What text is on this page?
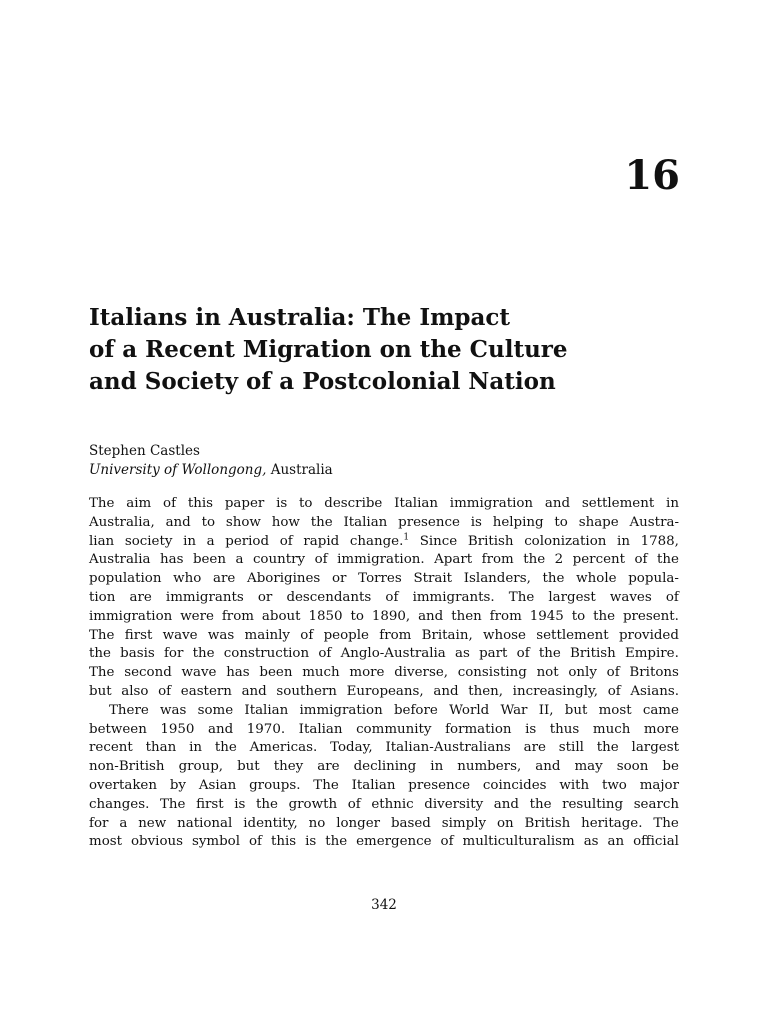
16
Italians in Australia: The Impact
of a Recent Migration on the Culture
and Society of a Postcolonial Nation
Stephen Castles
University of Wollongong, Australia
The aim of this paper is to describe Italian immigration and settlement in
Australia, and to show how the Italian presence is helping to shape Austra-
lian society in a period of rapid change.$^1$ Since British colonization in 1788,
Australia has been a country of immigration. Apart from the 2 percent of the
population who are Aborigines or Torres Strait Islanders, the whole popula-
tion are immigrants or descendants of immigrants. The largest waves of
immigration were from about 1850 to 1890, and then from 1945 to the present.
The first wave was mainly of people from Britain, whose settlement provided
the basis for the construction of Anglo-Australia as part of the British Empire.
The second wave has been much more diverse, consisting not only of Britons
but also of eastern and southern Europeans, and then, increasingly, of Asians.
There was some Italian immigration before World War II, but most came
between 1950 and 1970. Italian community formation is thus much more
recent than in the Americas. Today, Italian-Australians are still the largest
non-British group, but they are declining in numbers, and may soon be
overtaken by Asian groups. The Italian presence coincides with two major
changes. The first is the growth of ethnic diversity and the resulting search
for a new national identity, no longer based simply on British heritage. The
most obvious symbol of this is the emergence of multiculturalism as an official

342
